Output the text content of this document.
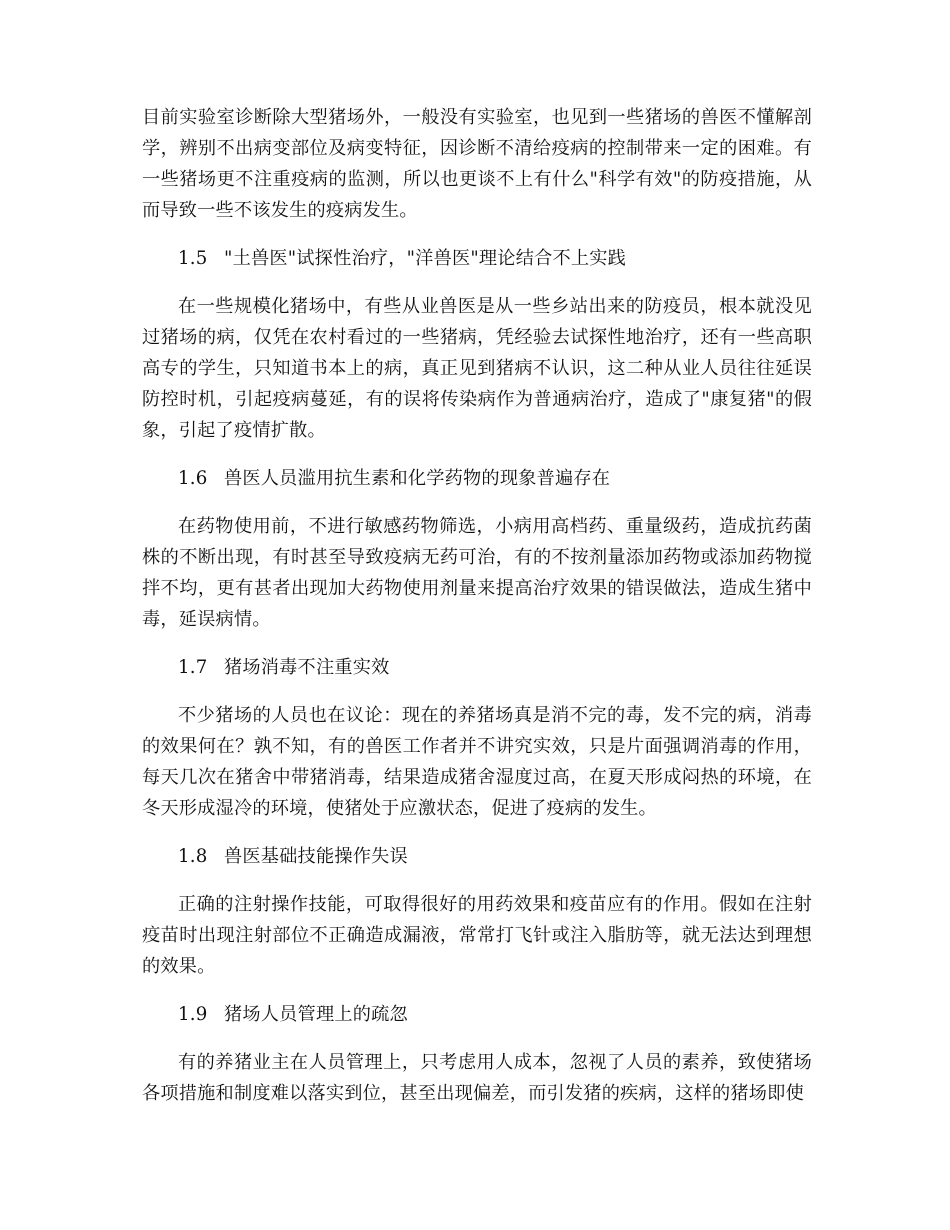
目前实验室诊断除大型猪场外，一般没有实验室，也见到一些猪场的兽医不懂解剖学，辨别不出病变部位及病变特征，因诊断不清给疫病的控制带来一定的困难。有一些猪场更不注重疫病的监测，所以也更谈不上有什么"科学有效"的防疫措施，从而导致一些不该发生的疫病发生。

1.5 "土兽医"试探性治疗，"洋兽医"理论结合不上实践

在一些规模化猪场中，有些从业兽医是从一些乡站出来的防疫员，根本就没见过猪场的病，仅凭在农村看过的一些猪病，凭经验去试探性地治疗，还有一些高职高专的学生，只知道书本上的病，真正见到猪病不认识，这二种从业人员往往延误防控时机，引起疫病蔓延，有的误将传染病作为普通病治疗，造成了"康复猪"的假象，引起了疫情扩散。

1.6 兽医人员滥用抗生素和化学药物的现象普遍存在

在药物使用前，不进行敏感药物筛选，小病用高档药、重量级药，造成抗药菌株的不断出现，有时甚至导致疫病无药可治，有的不按剂量添加药物或添加药物搅拌不均，更有甚者出现加大药物使用剂量来提高治疗效果的错误做法，造成生猪中毒，延误病情。

1.7 猪场消毒不注重实效

不少猪场的人员也在议论：现在的养猪场真是消不完的毒，发不完的病，消毒的效果何在？孰不知，有的兽医工作者并不讲究实效，只是片面强调消毒的作用，每天几次在猪舍中带猪消毒，结果造成猪舍湿度过高，在夏天形成闷热的环境，在冬天形成湿冷的环境，使猪处于应激状态，促进了疫病的发生。

1.8 兽医基础技能操作失误

正确的注射操作技能，可取得很好的用药效果和疫苗应有的作用。假如在注射疫苗时出现注射部位不正确造成漏液，常常打飞针或注入脂肪等，就无法达到理想的效果。

1.9 猪场人员管理上的疏忽

有的养猪业主在人员管理上，只考虑用人成本，忽视了人员的素养，致使猪场各项措施和制度难以落实到位，甚至出现偏差，而引发猪的疾病，这样的猪场即使
